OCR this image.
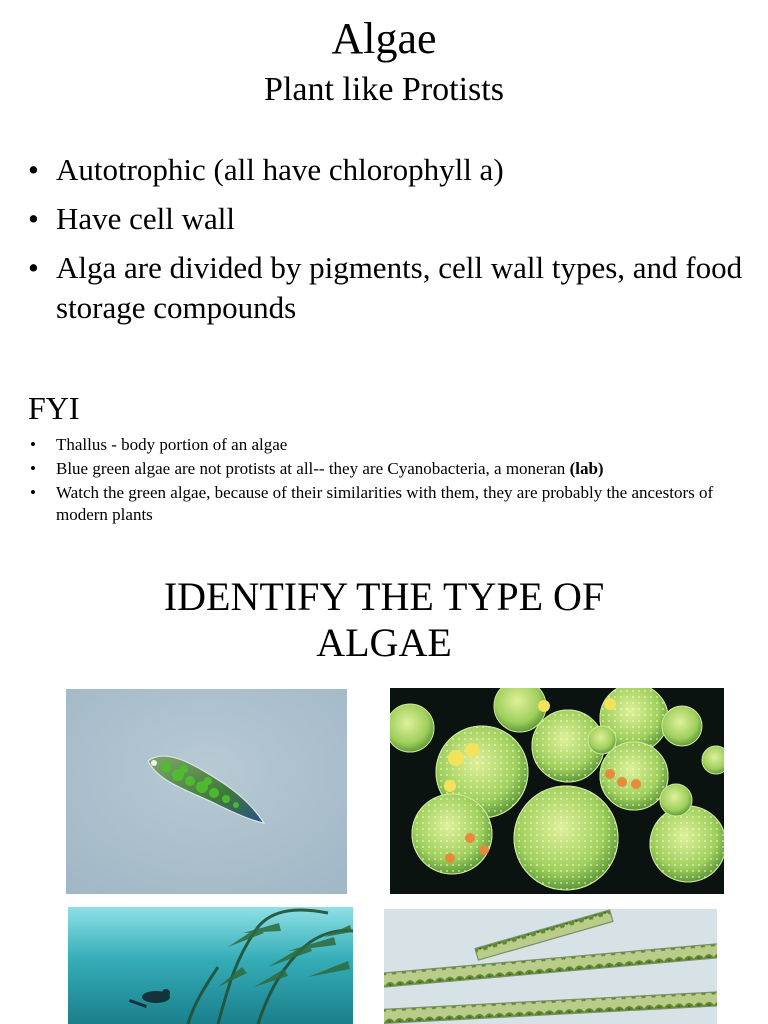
Algae
Plant like Protists
• Autotrophic (all have chlorophyll a)
• Have cell wall
• Alga are divided by pigments, cell wall types, and food storage compounds
FYI
• Thallus - body portion of an algae
• Blue green algae are not protists at all-- they are Cyanobacteria, a moneran (lab)
• Watch the green algae, because of their similarities with them, they are probably the ancestors of modern plants
IDENTIFY THE TYPE OF
ALGAE
